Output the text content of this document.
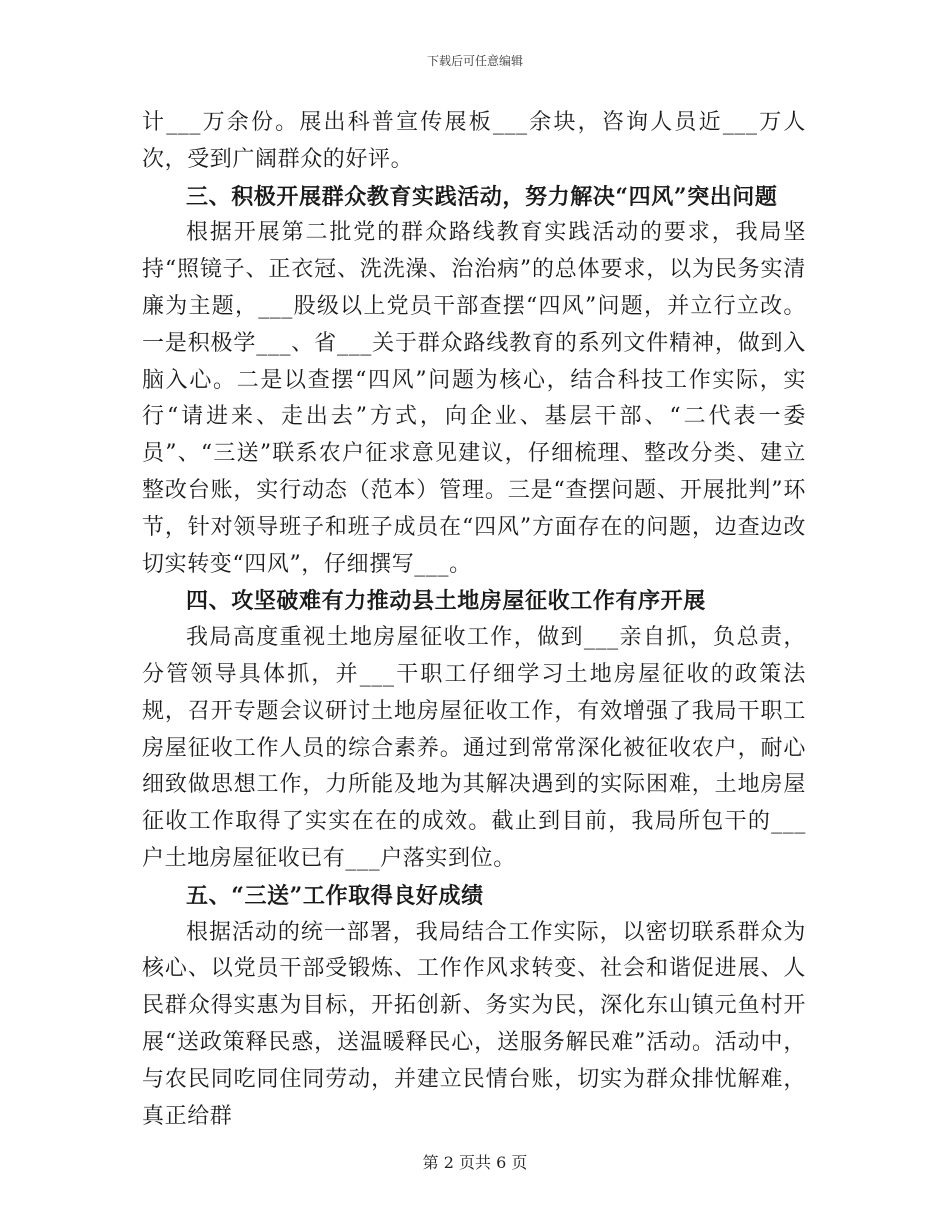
下载后可任意编辑

计___万余份。展出科普宣传展板___余块，咨询人员近___万人次，受到广阔群众的好评。

三、积极开展群众教育实践活动，努力解决“四风”突出问题

根据开展第二批党的群众路线教育实践活动的要求，我局坚持“照镜子、正衣冠、洗洗澡、治治病”的总体要求，以为民务实清廉为主题，___股级以上党员干部查摆“四风”问题，并立行立改。一是积极学___、省___关于群众路线教育的系列文件精神，做到入脑入心。二是以查摆“四风”问题为核心，结合科技工作实际，实行“请进来、走出去”方式，向企业、基层干部、“二代表一委员”、“三送”联系农户征求意见建议，仔细梳理、整改分类、建立整改台账，实行动态（范本）管理。三是“查摆问题、开展批判”环节，针对领导班子和班子成员在“四风”方面存在的问题，边查边改切实转变“四风”，仔细撰写___。

四、攻坚破难有力推动县土地房屋征收工作有序开展

我局高度重视土地房屋征收工作，做到___亲自抓，负总责，分管领导具体抓，并___干职工仔细学习土地房屋征收的政策法规，召开专题会议研讨土地房屋征收工作，有效增强了我局干职工房屋征收工作人员的综合素养。通过到常常深化被征收农户，耐心细致做思想工作，力所能及地为其解决遇到的实际困难，土地房屋征收工作取得了实实在在的成效。截止到目前，我局所包干的___户土地房屋征收已有___户落实到位。

五、“三送”工作取得良好成绩

根据活动的统一部署，我局结合工作实际，以密切联系群众为核心、以党员干部受锻炼、工作作风求转变、社会和谐促进展、人民群众得实惠为目标，开拓创新、务实为民，深化东山镇元鱼村开展“送政策释民惑，送温暖释民心，送服务解民难”活动。活动中，与农民同吃同住同劳动，并建立民情台账，切实为群众排忧解难，真正给群

第 2 页共 6 页
